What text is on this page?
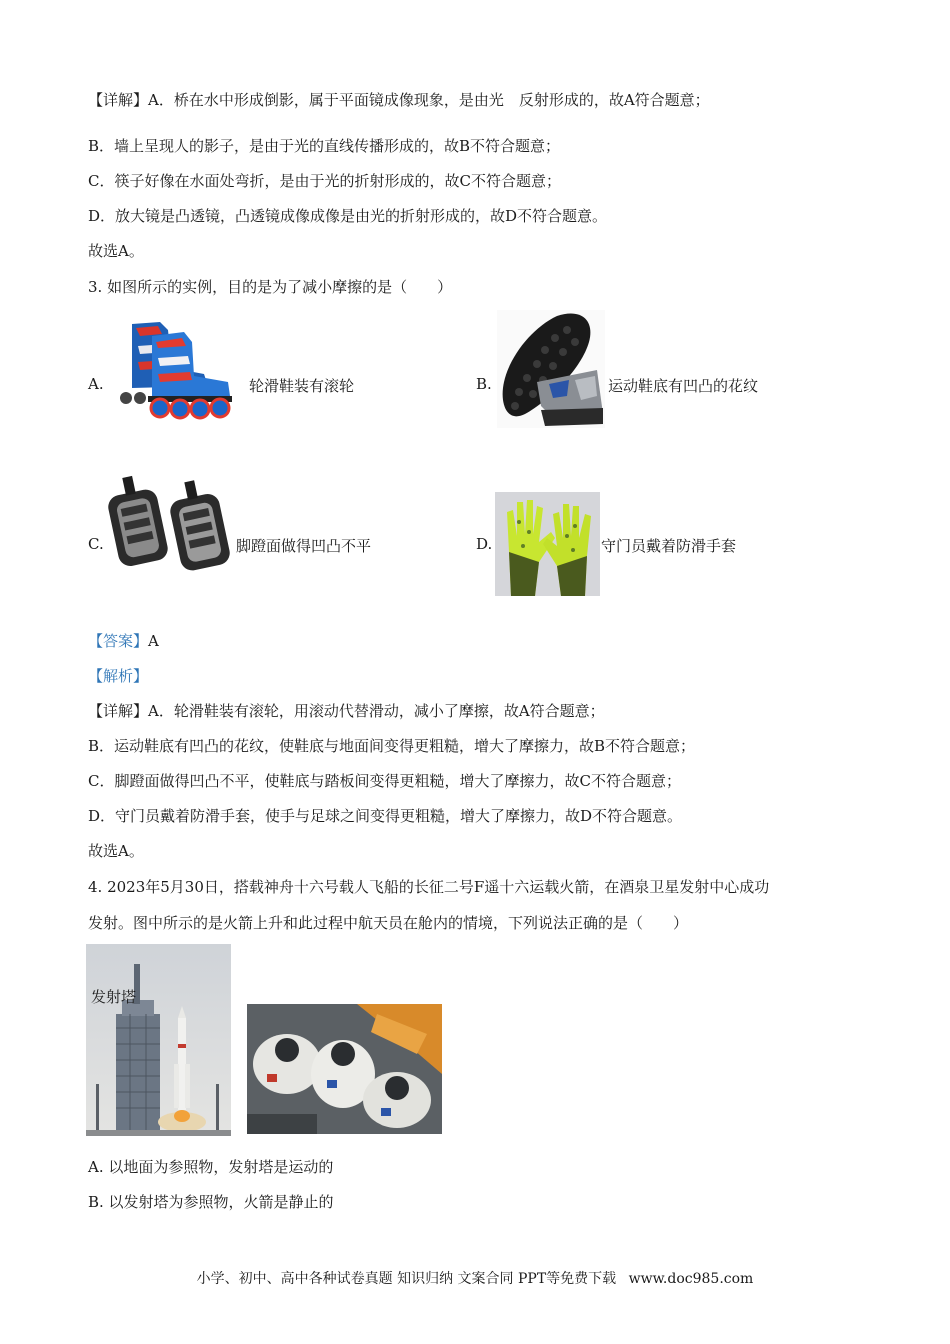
【详解】A．桥在水中形成倒影，属于平面镜成像现象，是由光　反射形成的，故A符合题意；
B．墙上呈现人的影子，是由于光的直线传播形成的，故B不符合题意；
C．筷子好像在水面处弯折，是由于光的折射形成的，故C不符合题意；
D．放大镜是凸透镜，凸透镜成像成像是由光的折射形成的，故D不符合题意。
故选A。
3. 如图所示的实例，目的是为了减小摩擦的是（　　）
A.	轮滑鞋装有滚轮	B.	运动鞋底有凹凸的花纹
C.	脚蹬面做得凹凸不平	D.	守门员戴着防滑手套
【答案】A
【解析】
【详解】A．轮滑鞋装有滚轮，用滚动代替滑动，减小了摩擦，故A符合题意；
B．运动鞋底有凹凸的花纹，使鞋底与地面间变得更粗糙，增大了摩擦力，故B不符合题意；
C．脚蹬面做得凹凸不平，使鞋底与踏板间变得更粗糙，增大了摩擦力，故C不符合题意；
D．守门员戴着防滑手套，使手与足球之间变得更粗糙，增大了摩擦力，故D不符合题意。
故选A。
4. 2023年5月30日，搭载神舟十六号载人飞船的长征二号F遥十六运载火箭，在酒泉卫星发射中心成功
发射。图中所示的是火箭上升和此过程中航天员在舱内的情境，下列说法正确的是（　　）
发射塔
A. 以地面为参照物，发射塔是运动的
B. 以发射塔为参照物，火箭是静止的
小学、初中、高中各种试卷真题 知识归纳 文案合同 PPT等免费下载 www.doc985.com
